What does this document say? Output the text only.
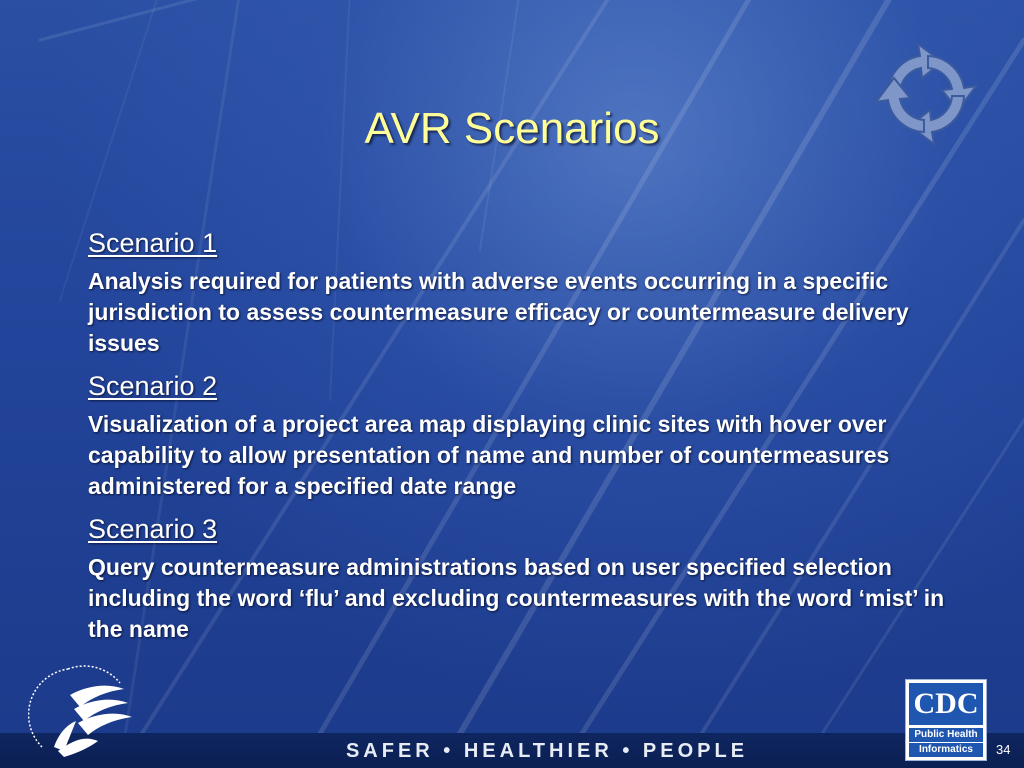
AVR Scenarios
Scenario 1
Analysis required for patients with adverse events occurring in a specific jurisdiction to assess countermeasure efficacy or countermeasure delivery issues
Scenario 2
Visualization of a project area map displaying clinic sites with hover over capability to allow presentation of name and number of countermeasures administered for a specified date range
Scenario 3
Query countermeasure administrations based on user specified selection including the word ‘flu’ and excluding countermeasures with the word ‘mist’ in the name
SAFER • HEALTHIER • PEOPLE	34
CDC
Public Health
Informatics
